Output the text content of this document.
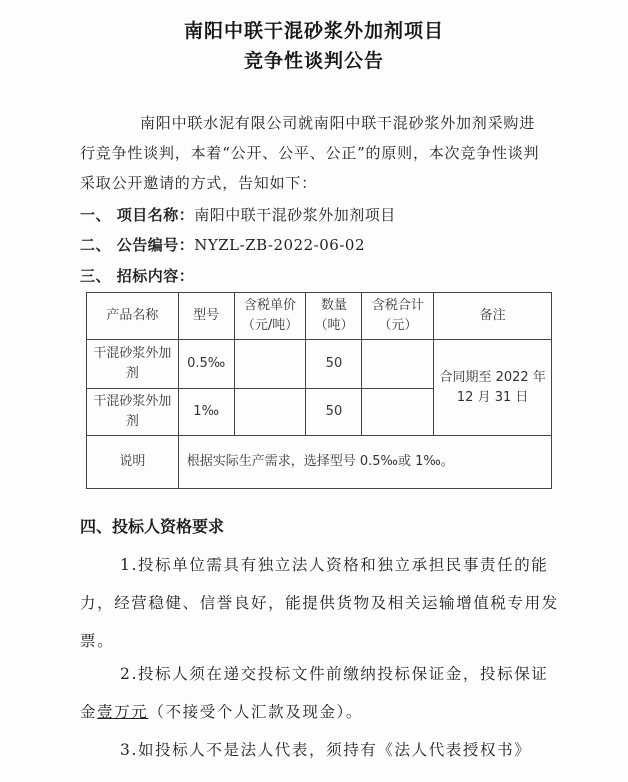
南阳中联干混砂浆外加剂项目
竞争性谈判公告
南阳中联水泥有限公司就南阳中联干混砂浆外加剂采购进行竞争性谈判，本着“公开、公平、公正”的原则，本次竞争性谈判采取公开邀请的方式，告知如下：
一、 项目名称：南阳中联干混砂浆外加剂项目
二、 公告编号：NYZL-ZB-2022-06-02
三、 招标内容：
产品名称	型号	含税单价（元/吨）	数量（吨）	含税合计（元）	备注
干混砂浆外加剂	0.5‰		50		合同期至 2022 年 12 月 31 日
干混砂浆外加剂	1‰		50		
说明	根据实际生产需求，选择型号 0.5‰或 1‰。				
四、投标人资格要求
1.投标单位需具有独立法人资格和独立承担民事责任的能力，经营稳健、信誉良好，能提供货物及相关运输增值税专用发票。
2.投标人须在递交投标文件前缴纳投标保证金，投标保证金壹万元（不接受个人汇款及现金）。
3.如投标人不是法人代表，须持有《法人代表授权书》
